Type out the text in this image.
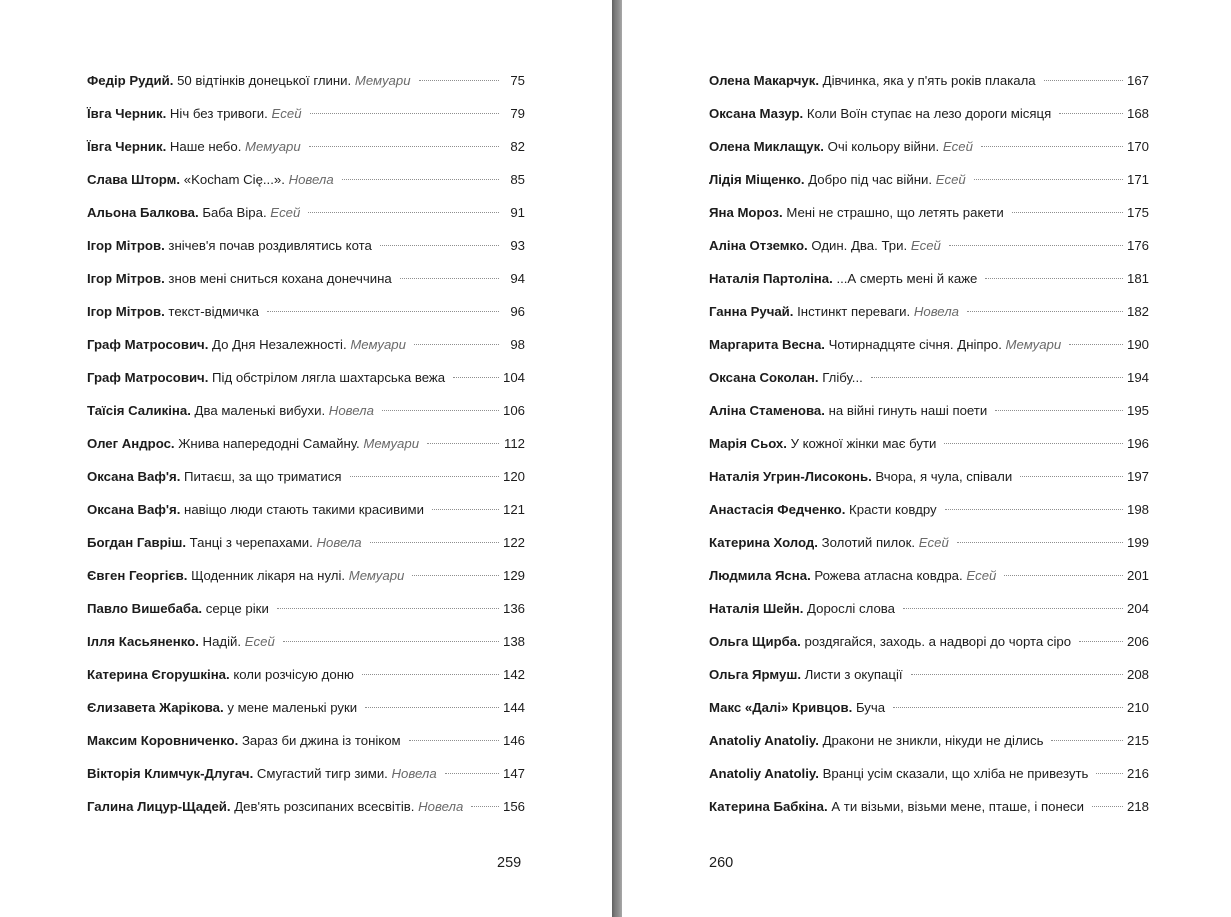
Федір Рудий. 50 відтінків донецької глини. Мемуари	75
Ївга Черник. Ніч без тривоги. Есей	79
Ївга Черник. Наше небо. Мемуари	82
Слава Шторм. «Kocham Cię...». Новела	85
Альона Балкова. Баба Віра. Есей	91
Ігор Мітров. знічев'я почав роздивлятись кота	93
Ігор Мітров. знов мені сниться кохана донеччина	94
Ігор Мітров. текст-відмичка	96
Граф Матросович. До Дня Незалежності. Мемуари	98
Граф Матросович. Під обстрілом лягла шахтарська вежа	104
Таїсія Саликіна. Два маленькі вибухи. Новела	106
Олег Андрос. Жнива напередодні Самайну. Мемуари	112
Оксана Ваф'я. Питаєш, за що триматися	120
Оксана Ваф'я. навіщо люди стають такими красивими	121
Богдан Гавріш. Танці з черепахами. Новела	122
Євген Георгієв. Щоденник лікаря на нулі. Мемуари	129
Павло Вишебаба. серце ріки	136
Ілля Касьяненко. Надій. Есей	138
Катерина Єгорушкіна. коли розчісую доню	142
Єлизавета Жарікова. у мене маленькі руки	144
Максим Коровниченко. Зараз би джина із тоніком	146
Вікторія Климчук-Длугач. Смугастий тигр зими. Новела	147
Галина Лицур-Щадей. Дев'ять розсипаних всесвітів. Новела	156
259
Олена Макарчук. Дівчинка, яка у п'ять років плакала	167
Оксана Мазур. Коли Воїн ступає на лезо дороги місяця	168
Олена Миклащук. Очі кольору війни. Есей	170
Лідія Міщенко. Добро під час війни. Есей	171
Яна Мороз. Мені не страшно, що летять ракети	175
Аліна Отземко. Один. Два. Три. Есей	176
Наталія Партоліна. ...А смерть мені й каже	181
Ганна Ручай. Інстинкт переваги. Новела	182
Маргарита Весна. Чотирнадцяте січня. Дніпро. Мемуари	190
Оксана Соколан. Глібу...	194
Аліна Стаменова. на війні гинуть наші поети	195
Марія Сьох. У кожної жінки має бути	196
Наталія Угрин-Лисоконь. Вчора, я чула, співали	197
Анастасія Федченко. Красти ковдру	198
Катерина Холод. Золотий пилок. Есей	199
Людмила Ясна. Рожева атласна ковдра. Есей	201
Наталія Шейн. Дорослі слова	204
Ольга Щирба. роздягайся, заходь. а надворі до чорта сіро	206
Ольга Ярмуш. Листи з окупації	208
Макс «Далі» Кривцов. Буча	210
Anatoliy Anatoliy. Дракони не зникли, нікуди не ділись	215
Anatoliy Anatoliy. Вранці усім сказали, що хліба не привезуть	216
Катерина Бабкіна. А ти візьми, візьми мене, пташе, і понеси	218
260
